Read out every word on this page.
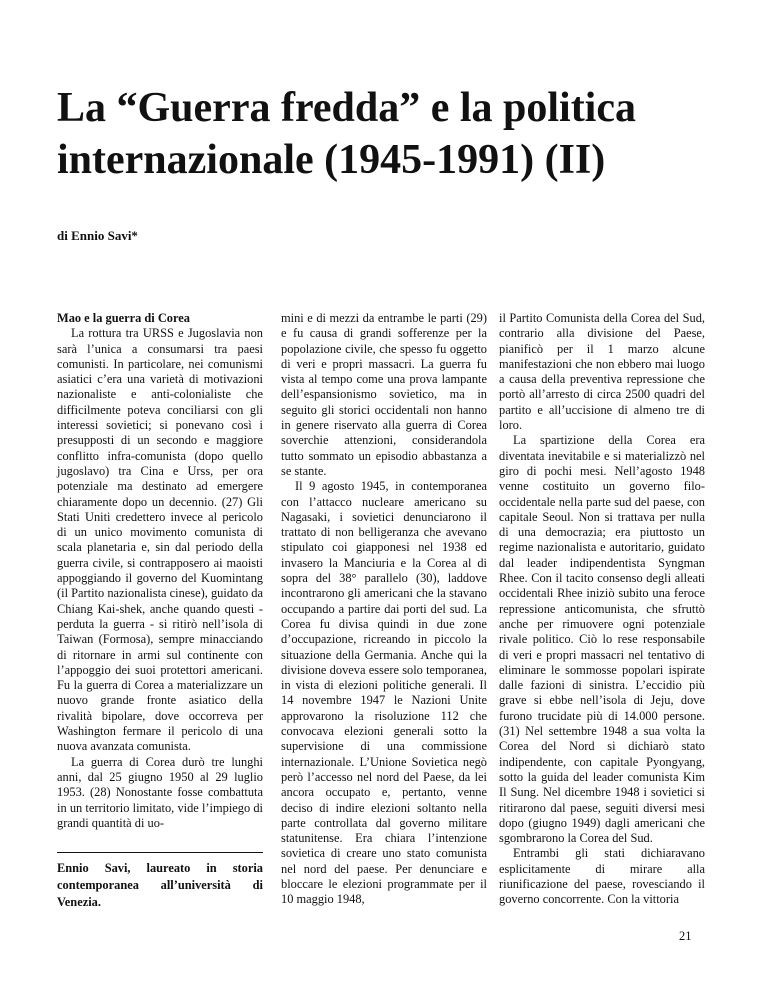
La “Guerra fredda” e la politica internazionale (1945-1991) (II)

di Ennio Savi*

Mao e la guerra di Corea

La rottura tra URSS e Jugoslavia non sarà l’unica a consumarsi tra paesi comunisti. In particolare, nei comunismi asiatici c’era una varietà di motivazioni nazionaliste e anti-colonialiste che difficilmente poteva conciliarsi con gli interessi sovietici; si ponevano così i presupposti di un secondo e maggiore conflitto infra-comunista (dopo quello jugoslavo) tra Cina e Urss, per ora potenziale ma destinato ad emergere chiaramente dopo un decennio. (27) Gli Stati Uniti credettero invece al pericolo di un unico movimento comunista di scala planetaria e, sin dal periodo della guerra civile, si contrapposero ai maoisti appoggiando il governo del Kuomintang (il Partito nazionalista cinese), guidato da Chiang Kai-shek, anche quando questi - perduta la guerra - si ritirò nell’isola di Taiwan (Formosa), sempre minacciando di ritornare in armi sul continente con l’appoggio dei suoi protettori americani. Fu la guerra di Corea a materializzare un nuovo grande fronte asiatico della rivalità bipolare, dove occorreva per Washington fermare il pericolo di una nuova avanzata comunista.

La guerra di Corea durò tre lunghi anni, dal 25 giugno 1950 al 29 luglio 1953. (28) Nonostante fosse combattuta in un territorio limitato, vide l’impiego di grandi quantità di uo-

mini e di mezzi da entrambe le parti (29) e fu causa di grandi sofferenze per la popolazione civile, che spesso fu oggetto di veri e propri massacri. La guerra fu vista al tempo come una prova lampante dell’espansionismo sovietico, ma in seguito gli storici occidentali non hanno in genere riservato alla guerra di Corea soverchie attenzioni, considerandola tutto sommato un episodio abbastanza a se stante.

Il 9 agosto 1945, in contemporanea con l’attacco nucleare americano su Nagasaki, i sovietici denunciarono il trattato di non belligeranza che avevano stipulato coi giapponesi nel 1938 ed invasero la Manciuria e la Corea al di sopra del 38° parallelo (30), laddove incontrarono gli americani che la stavano occupando a partire dai porti del sud. La Corea fu divisa quindi in due zone d’occupazione, ricreando in piccolo la situazione della Germania. Anche qui la divisione doveva essere solo temporanea, in vista di elezioni politiche generali. Il 14 novembre 1947 le Nazioni Unite approvarono la risoluzione 112 che convocava elezioni generali sotto la supervisione di una commissione internazionale. L’Unione Sovietica negò però l’accesso nel nord del Paese, da lei ancora occupato e, pertanto, venne deciso di indire elezioni soltanto nella parte controllata dal governo militare statunitense. Era chiara l’intenzione sovietica di creare uno stato comunista nel nord del paese. Per denunciare e bloccare le elezioni programmate per il 10 maggio 1948,

il Partito Comunista della Corea del Sud, contrario alla divisione del Paese, pianificò per il 1 marzo alcune manifestazioni che non ebbero mai luogo a causa della preventiva repressione che portò all’arresto di circa 2500 quadri del partito e all’uccisione di almeno tre di loro.

La spartizione della Corea era diventata inevitabile e si materializzò nel giro di pochi mesi. Nell’agosto 1948 venne costituito un governo filo-occidentale nella parte sud del paese, con capitale Seoul. Non si trattava per nulla di una democrazia; era piuttosto un regime nazionalista e autoritario, guidato dal leader indipendentista Syngman Rhee. Con il tacito consenso degli alleati occidentali Rhee iniziò subito una feroce repressione anticomunista, che sfruttò anche per rimuovere ogni potenziale rivale politico. Ciò lo rese responsabile di veri e propri massacri nel tentativo di eliminare le sommosse popolari ispirate dalle fazioni di sinistra. L’eccidio più grave si ebbe nell’isola di Jeju, dove furono trucidate più di 14.000 persone. (31) Nel settembre 1948 a sua volta la Corea del Nord si dichiarò stato indipendente, con capitale Pyongyang, sotto la guida del leader comunista Kim Il Sung. Nel dicembre 1948 i sovietici si ritirarono dal paese, seguiti diversi mesi dopo (giugno 1949) dagli americani che sgombrarono la Corea del Sud.

Entrambi gli stati dichiaravano esplicitamente di mirare alla riunificazione del paese, rovesciando il governo concorrente. Con la vittoria

Ennio Savi, laureato in storia contemporanea all’università di Venezia.

21
